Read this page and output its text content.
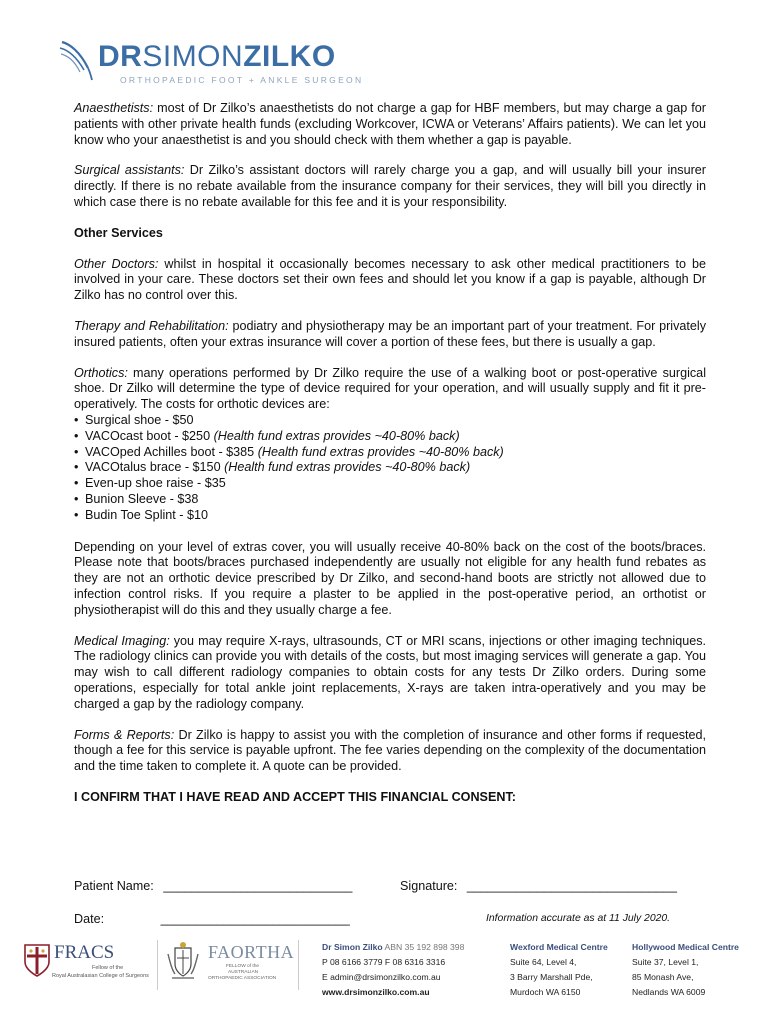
DRSIMONZILKO
ORTHOPAEDIC FOOT + ANKLE SURGEON

Anaesthetists: most of Dr Zilko’s anaesthetists do not charge a gap for HBF members, but may charge a gap for patients with other private health funds (excluding Workcover, ICWA or Veterans’ Affairs patients). We can let you know who your anaesthetist is and you should check with them whether a gap is payable.

Surgical assistants: Dr Zilko’s assistant doctors will rarely charge you a gap, and will usually bill your insurer directly. If there is no rebate available from the insurance company for their services, they will bill you directly in which case there is no rebate available for this fee and it is your responsibility.

Other Services

Other Doctors: whilst in hospital it occasionally becomes necessary to ask other medical practitioners to be involved in your care. These doctors set their own fees and should let you know if a gap is payable, although Dr Zilko has no control over this.

Therapy and Rehabilitation: podiatry and physiotherapy may be an important part of your treatment. For privately insured patients, often your extras insurance will cover a portion of these fees, but there is usually a gap.

Orthotics: many operations performed by Dr Zilko require the use of a walking boot or post-operative surgical shoe. Dr Zilko will determine the type of device required for your operation, and will usually supply and fit it pre-operatively. The costs for orthotic devices are:

• Surgical shoe - $50
• VACOcast boot - $250 (Health fund extras provides ~40-80% back)
• VACOped Achilles boot - $385 (Health fund extras provides ~40-80% back)
• VACOtalus brace - $150 (Health fund extras provides ~40-80% back)
• Even-up shoe raise - $35
• Bunion Sleeve - $38
• Budin Toe Splint - $10

Depending on your level of extras cover, you will usually receive 40-80% back on the cost of the boots/braces. Please note that boots/braces purchased independently are usually not eligible for any health fund rebates as they are not an orthotic device prescribed by Dr Zilko, and second-hand boots are strictly not allowed due to infection control risks. If you require a plaster to be applied in the post-operative period, an orthotist or physiotherapist will do this and they usually charge a fee.

Medical Imaging: you may require X-rays, ultrasounds, CT or MRI scans, injections or other imaging techniques. The radiology clinics can provide you with details of the costs, but most imaging services will generate a gap. You may wish to call different radiology companies to obtain costs for any tests Dr Zilko orders. During some operations, especially for total ankle joint replacements, X-rays are taken intra-operatively and you may be charged a gap by the radiology company.

Forms & Reports: Dr Zilko is happy to assist you with the completion of insurance and other forms if requested, though a fee for this service is payable upfront. The fee varies depending on the complexity of the documentation and the time taken to complete it. A quote can be provided.

I CONFIRM THAT I HAVE READ AND ACCEPT THIS FINANCIAL CONSENT:
Patient Name: ___________________________	Signature: ______________________________
Date:	___________________________	Information accurate as at 11 July 2020.
FRACS
Fellow of the
Royal Australasian College of Surgeons
FAORTHA
FELLOW of the
AUSTRALIAN
ORTHOPAEDIC ASSOCIATION
Dr Simon Zilko ABN 35 192 898 398
P 08 6166 3779 F 08 6316 3316
E admin@drsimonzilko.com.au
www.drsimonzilko.com.au
Wexford Medical Centre
Suite 64, Level 4,
3 Barry Marshall Pde,
Murdoch WA 6150
Hollywood Medical Centre
Suite 37, Level 1,
85 Monash Ave,
Nedlands WA 6009
